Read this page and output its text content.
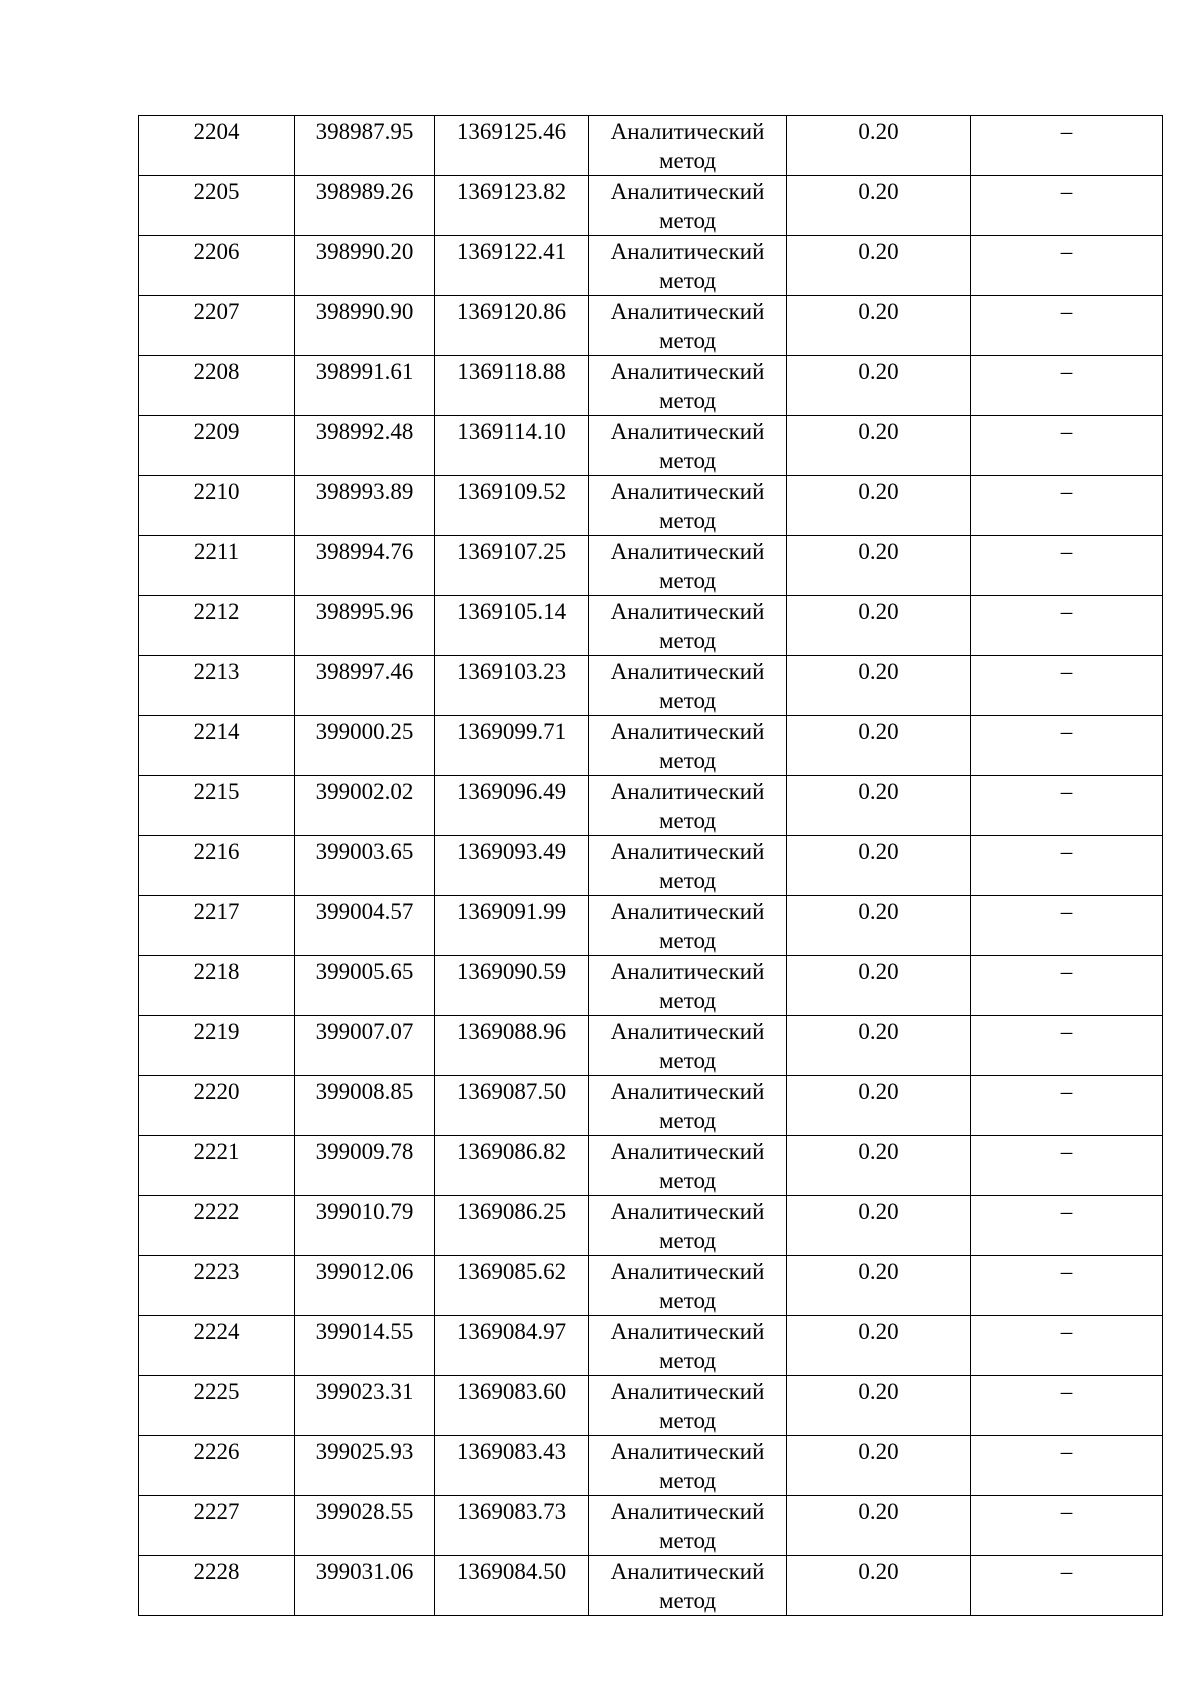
2204	398987.95	1369125.46	Аналитический метод	0.20	–

2205	398989.26	1369123.82	Аналитический метод	0.20	–

2206	398990.20	1369122.41	Аналитический метод	0.20	–

2207	398990.90	1369120.86	Аналитический метод	0.20	–

2208	398991.61	1369118.88	Аналитический метод	0.20	–

2209	398992.48	1369114.10	Аналитический метод	0.20	–

2210	398993.89	1369109.52	Аналитический метод	0.20	–

2211	398994.76	1369107.25	Аналитический метод	0.20	–

2212	398995.96	1369105.14	Аналитический метод	0.20	–

2213	398997.46	1369103.23	Аналитический метод	0.20	–

2214	399000.25	1369099.71	Аналитический метод	0.20	–

2215	399002.02	1369096.49	Аналитический метод	0.20	–

2216	399003.65	1369093.49	Аналитический метод	0.20	–

2217	399004.57	1369091.99	Аналитический метод	0.20	–

2218	399005.65	1369090.59	Аналитический метод	0.20	–

2219	399007.07	1369088.96	Аналитический метод	0.20	–

2220	399008.85	1369087.50	Аналитический метод	0.20	–

2221	399009.78	1369086.82	Аналитический метод	0.20	–

2222	399010.79	1369086.25	Аналитический метод	0.20	–

2223	399012.06	1369085.62	Аналитический метод	0.20	–

2224	399014.55	1369084.97	Аналитический метод	0.20	–

2225	399023.31	1369083.60	Аналитический метод	0.20	–

2226	399025.93	1369083.43	Аналитический метод	0.20	–

2227	399028.55	1369083.73	Аналитический метод	0.20	–

2228	399031.06	1369084.50	Аналитический метод	0.20	–
